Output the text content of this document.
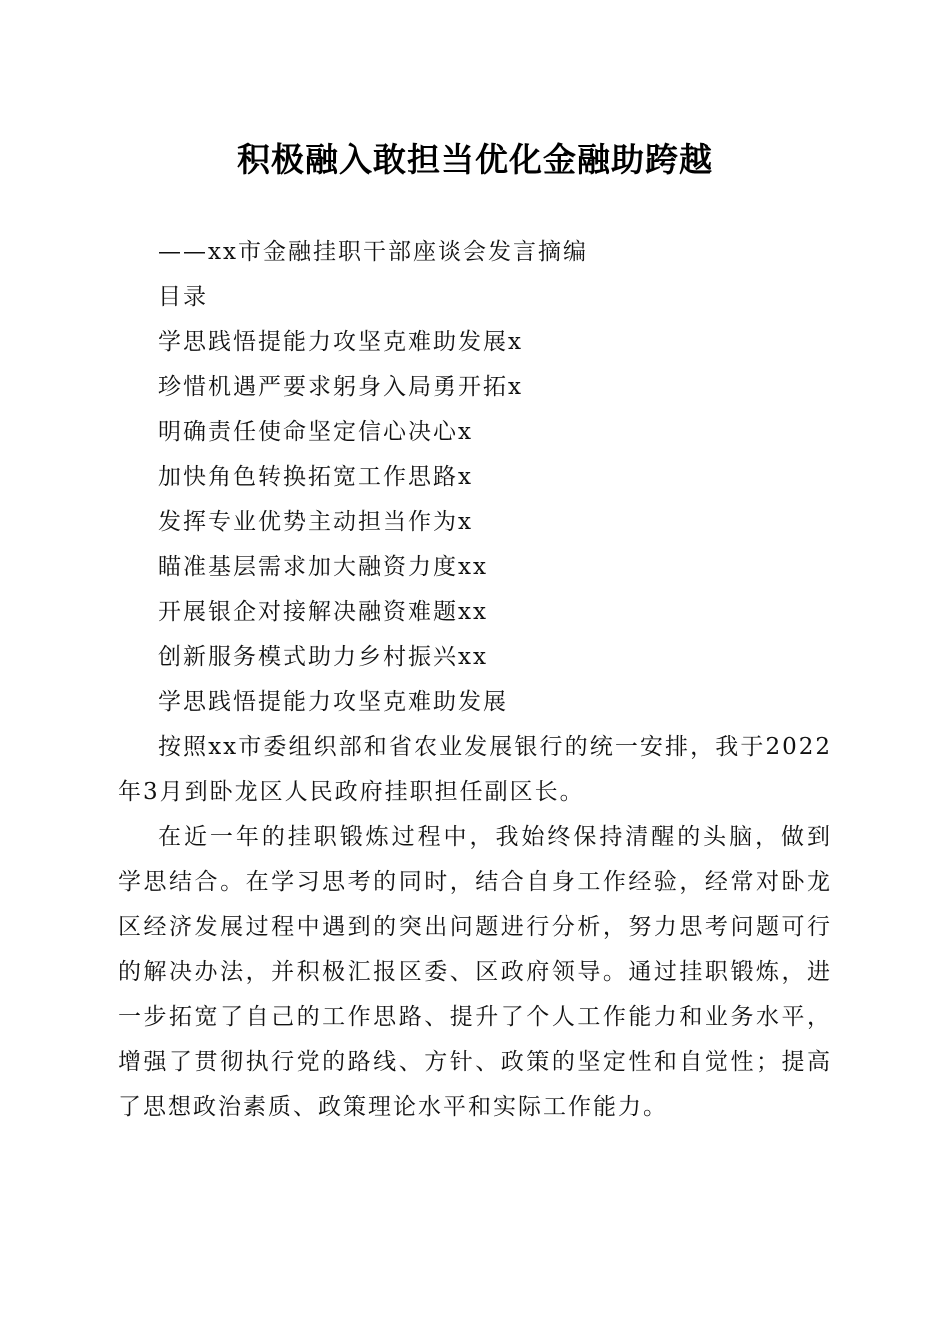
积极融入敢担当优化金融助跨越
——xx市金融挂职干部座谈会发言摘编
目录
学思践悟提能力攻坚克难助发展x
珍惜机遇严要求躬身入局勇开拓x
明确责任使命坚定信心决心x
加快角色转换拓宽工作思路x
发挥专业优势主动担当作为x
瞄准基层需求加大融资力度xx
开展银企对接解决融资难题xx
创新服务模式助力乡村振兴xx
学思践悟提能力攻坚克难助发展

按照xx市委组织部和省农业发展银行的统一安排，我于2022年3月到卧龙区人民政府挂职担任副区长。

在近一年的挂职锻炼过程中，我始终保持清醒的头脑，做到学思结合。在学习思考的同时，结合自身工作经验，经常对卧龙区经济发展过程中遇到的突出问题进行分析，努力思考问题可行的解决办法，并积极汇报区委、区政府领导。通过挂职锻炼，进一步拓宽了自己的工作思路、提升了个人工作能力和业务水平，增强了贯彻执行党的路线、方针、政策的坚定性和自觉性；提高了思想政治素质、政策理论水平和实际工作能力。
